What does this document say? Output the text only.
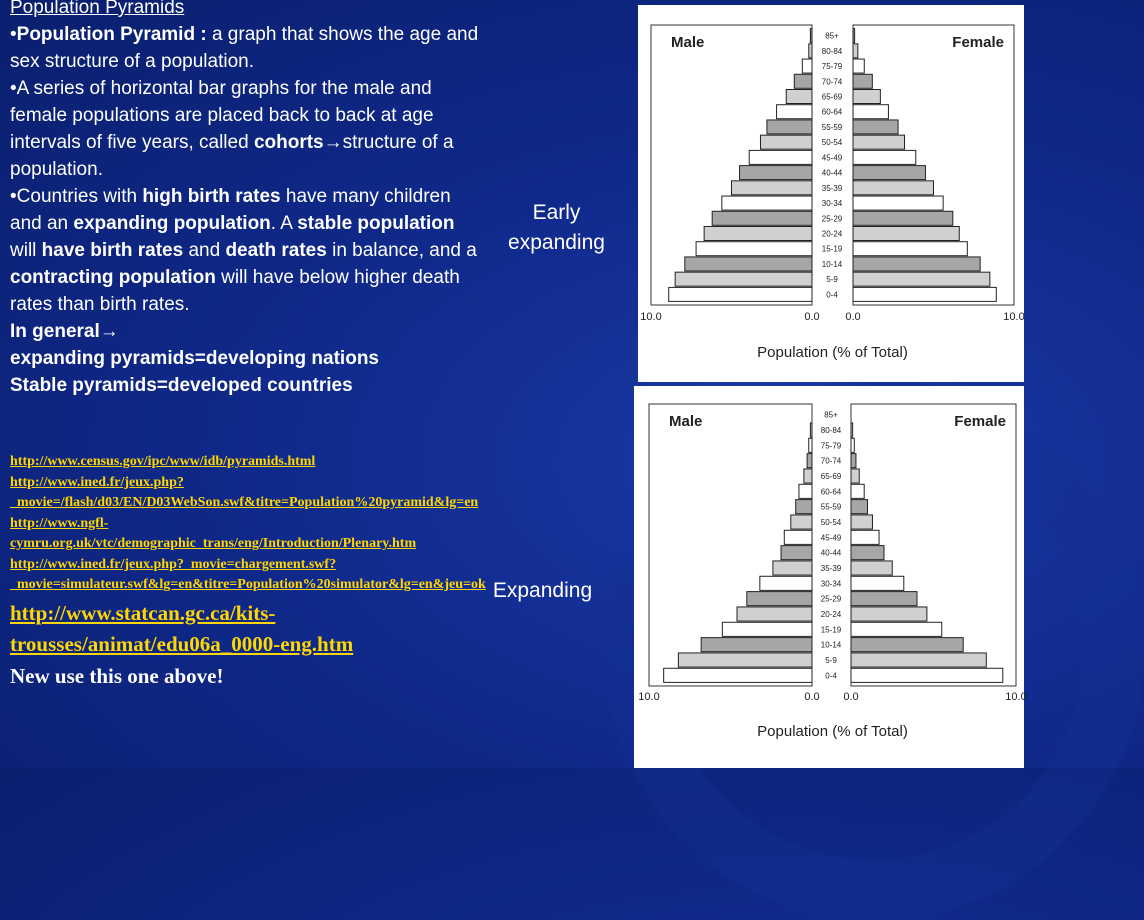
Population Pyramids

•Population Pyramid : a graph that shows the age and sex structure of a population.

•A series of horizontal bar graphs for the male and female populations are placed back to back at age intervals of five years, called cohorts→structure of a population.

•Countries with high birth rates have many children and an expanding population. A stable population will have birth rates and death rates in balance, and a contracting population will have below higher death rates than birth rates.

In general→

expanding pyramids=developing nations

Stable pyramids=developed countries

http://www.census.gov/ipc/www/idb/pyramids.html
http://www.ined.fr/jeux.php?_movie=/flash/d03/EN/D03WebSon.swf&titre=Population%20pyramid&lg=en
http://www.ngfl-cymru.org.uk/vtc/demographic_trans/eng/Introduction/Plenary.htm
http://www.ined.fr/jeux.php?_movie=chargement.swf?_movie=simulateur.swf&lg=en&titre=Population%20simulator&lg=en&jeu=ok
http://www.statcan.gc.ca/kits-trousses/animat/edu06a_0000-eng.htm
New use this one above!
Male	Female
85+
80-84
75-79
70-74
65-69
60-64
55-59
50-54
45-49
40-44
35-39
30-34
25-29
20-24
15-19
10-14
5-9
0-4
10.0	0.0 0.0	10.0
Population (% of Total)
Male	Female
85+
80-84
75-79
70-74
65-69
60-64
55-59
50-54
45-49
40-44
35-39
30-34
25-29
20-24
15-19
10-14
5-9
0-4
10.0	0.0 0.0	10.0
Population (% of Total)
Early expanding
Expanding
